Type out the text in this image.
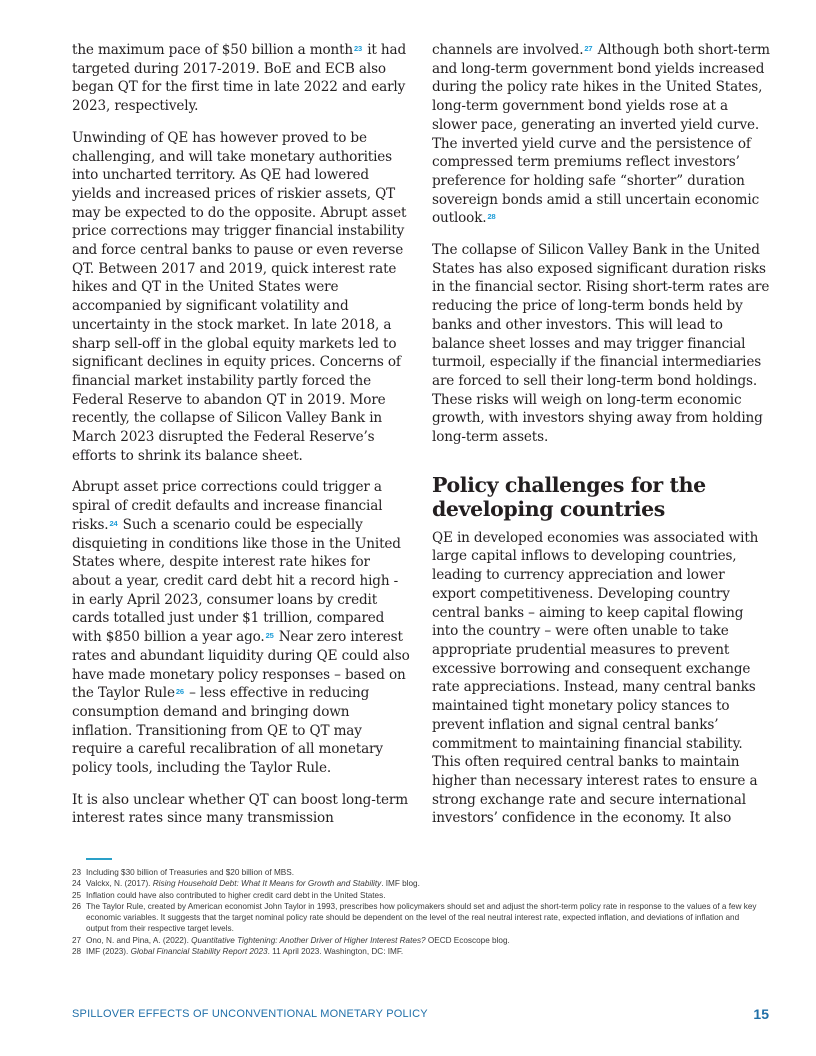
the maximum pace of $50 billion a month$^{23}$ it had targeted during 2017-2019. BoE and ECB also began QT for the first time in late 2022 and early 2023, respectively.

Unwinding of QE has however proved to be challenging, and will take monetary authorities into uncharted territory. As QE had lowered yields and increased prices of riskier assets, QT may be expected to do the opposite. Abrupt asset price corrections may trigger financial instability and force central banks to pause or even reverse QT. Between 2017 and 2019, quick interest rate hikes and QT in the United States were accompanied by significant volatility and uncertainty in the stock market. In late 2018, a sharp sell-off in the global equity markets led to significant declines in equity prices. Concerns of financial market instability partly forced the Federal Reserve to abandon QT in 2019. More recently, the collapse of Silicon Valley Bank in March 2023 disrupted the Federal Reserve’s efforts to shrink its balance sheet.

Abrupt asset price corrections could trigger a spiral of credit defaults and increase financial risks.$^{24}$ Such a scenario could be especially disquieting in conditions like those in the United States where, despite interest rate hikes for about a year, credit card debt hit a record high - in early April 2023, consumer loans by credit cards totalled just under $1 trillion, compared with $850 billion a year ago.$^{25}$ Near zero interest rates and abundant liquidity during QE could also have made monetary policy responses – based on the Taylor Rule$^{26}$ – less effective in reducing consumption demand and bringing down inflation. Transitioning from QE to QT may require a careful recalibration of all monetary policy tools, including the Taylor Rule.

It is also unclear whether QT can boost long-term interest rates since many transmission

channels are involved.$^{27}$ Although both short-term and long-term government bond yields increased during the policy rate hikes in the United States, long-term government bond yields rose at a slower pace, generating an inverted yield curve. The inverted yield curve and the persistence of compressed term premiums reflect investors’ preference for holding safe “shorter” duration sovereign bonds amid a still uncertain economic outlook.$^{28}$

The collapse of Silicon Valley Bank in the United States has also exposed significant duration risks in the financial sector. Rising short-term rates are reducing the price of long-term bonds held by banks and other investors. This will lead to balance sheet losses and may trigger financial turmoil, especially if the financial intermediaries are forced to sell their long-term bond holdings. These risks will weigh on long-term economic growth, with investors shying away from holding long-term assets.

Policy challenges for the developing countries

QE in developed economies was associated with large capital inflows to developing countries, leading to currency appreciation and lower export competitiveness. Developing country central banks – aiming to keep capital flowing into the country – were often unable to take appropriate prudential measures to prevent excessive borrowing and consequent exchange rate appreciations. Instead, many central banks maintained tight monetary policy stances to prevent inflation and signal central banks’ commitment to maintaining financial stability. This often required central banks to maintain higher than necessary interest rates to ensure a strong exchange rate and secure international investors’ confidence in the economy. It also

23 Including $30 billion of Treasuries and $20 billion of MBS.
24 Valckx, N. (2017). Rising Household Debt: What It Means for Growth and Stability. IMF blog.
25 Inflation could have also contributed to higher credit card debt in the United States.
26 The Taylor Rule, created by American economist John Taylor in 1993, prescribes how policymakers should set and adjust the short-term policy rate in response to the values of a few key economic variables. It suggests that the target nominal policy rate should be dependent on the level of the real neutral interest rate, expected inflation, and deviations of inflation and output from their respective target levels.
27 Ono, N. and Pina, A. (2022). Quantitative Tightening: Another Driver of Higher Interest Rates? OECD Ecoscope blog.
28 IMF (2023). Global Financial Stability Report 2023. 11 April 2023. Washington, DC: IMF.
SPILLOVER EFFECTS OF UNCONVENTIONAL MONETARY POLICY	15
